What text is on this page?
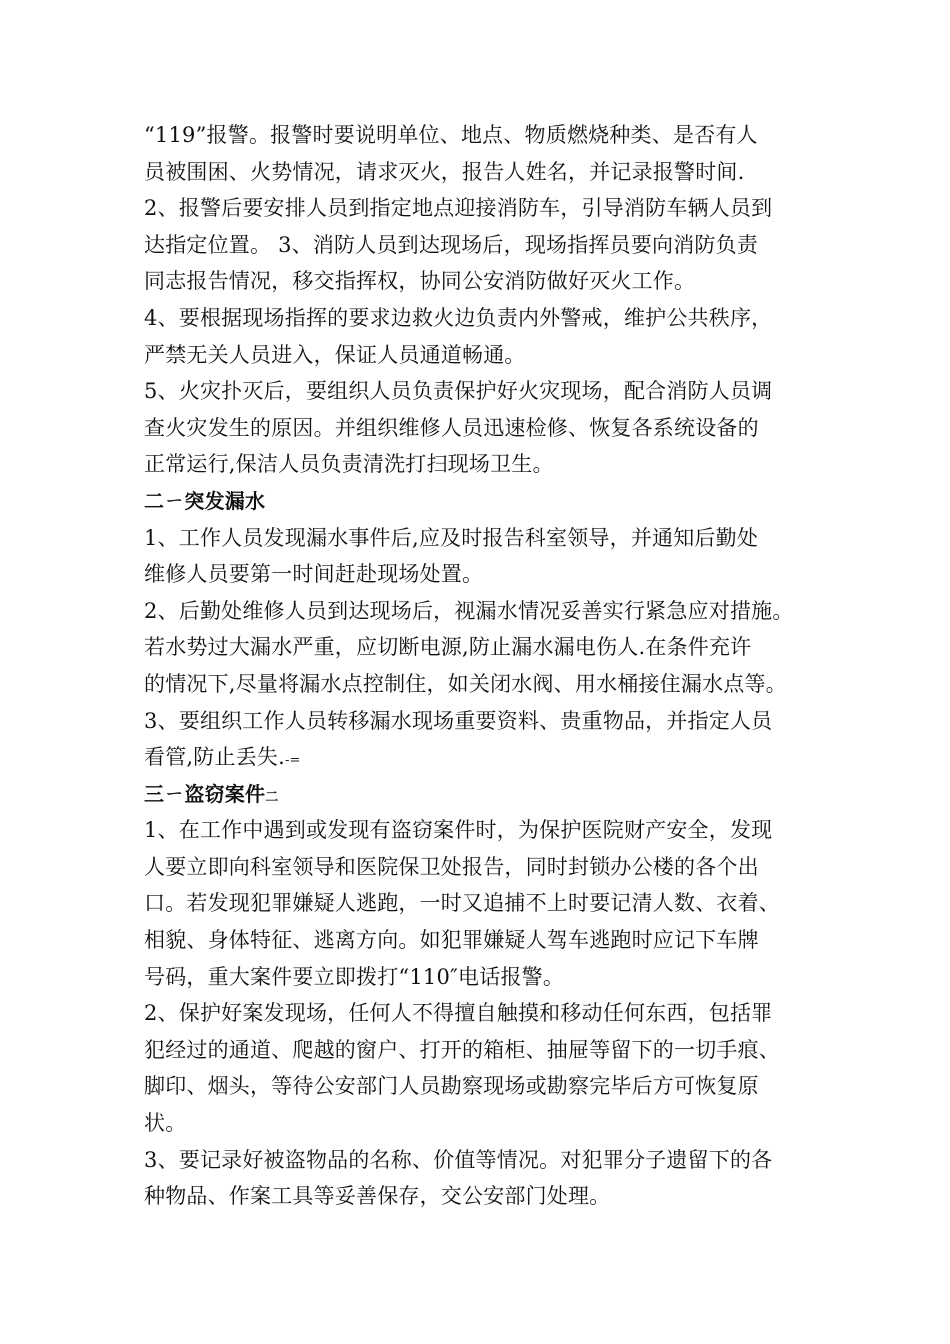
“119”报警。报警时要说明单位、地点、物质燃烧种类、是否有人
员被围困、火势情况，请求灭火，报告人姓名，并记录报警时间.
2、报警后要安排人员到指定地点迎接消防车，引导消防车辆人员到
达指定位置。 3、消防人员到达现场后，现场指挥员要向消防负责
同志报告情况，移交指挥权，协同公安消防做好灭火工作。
4、要根据现场指挥的要求边救火边负责内外警戒，维护公共秩序，
严禁无关人员进入，保证人员通道畅通。
5、火灾扑灭后，要组织人员负责保护好火灾现场，配合消防人员调
查火灾发生的原因。并组织维修人员迅速检修、恢复各系统设备的
正常运行,保洁人员负责清洗打扫现场卫生。
二ㄧ突发漏水
1、工作人员发现漏水事件后,应及时报告科室领导，并通知后勤处
维修人员要第一时间赶赴现场处置。
2、后勤处维修人员到达现场后，视漏水情况妥善实行紧急应对措施。
若水势过大漏水严重，应切断电源,防止漏水漏电伤人.在条件充许
的情况下,尽量将漏水点控制住，如关闭水阀、用水桶接住漏水点等。
3、要组织工作人员转移漏水现场重要资料、贵重物品，并指定人员
看管,防止丢失.-=
三ㄧ盗窃案件二
1、在工作中遇到或发现有盗窃案件时，为保护医院财产安全，发现
人要立即向科室领导和医院保卫处报告，同时封锁办公楼的各个出
口。若发现犯罪嫌疑人逃跑，一时又追捕不上时要记清人数、衣着、
相貌、身体特征、逃离方向。如犯罪嫌疑人驾车逃跑时应记下车牌
号码，重大案件要立即拨打“110″电话报警。
2、保护好案发现场，任何人不得擅自触摸和移动任何东西，包括罪
犯经过的通道、爬越的窗户、打开的箱柜、抽屉等留下的一切手痕、
脚印、烟头，等待公安部门人员勘察现场或勘察完毕后方可恢复原
状。
3、要记录好被盗物品的名称、价值等情况。对犯罪分子遗留下的各
种物品、作案工具等妥善保存，交公安部门处理。
